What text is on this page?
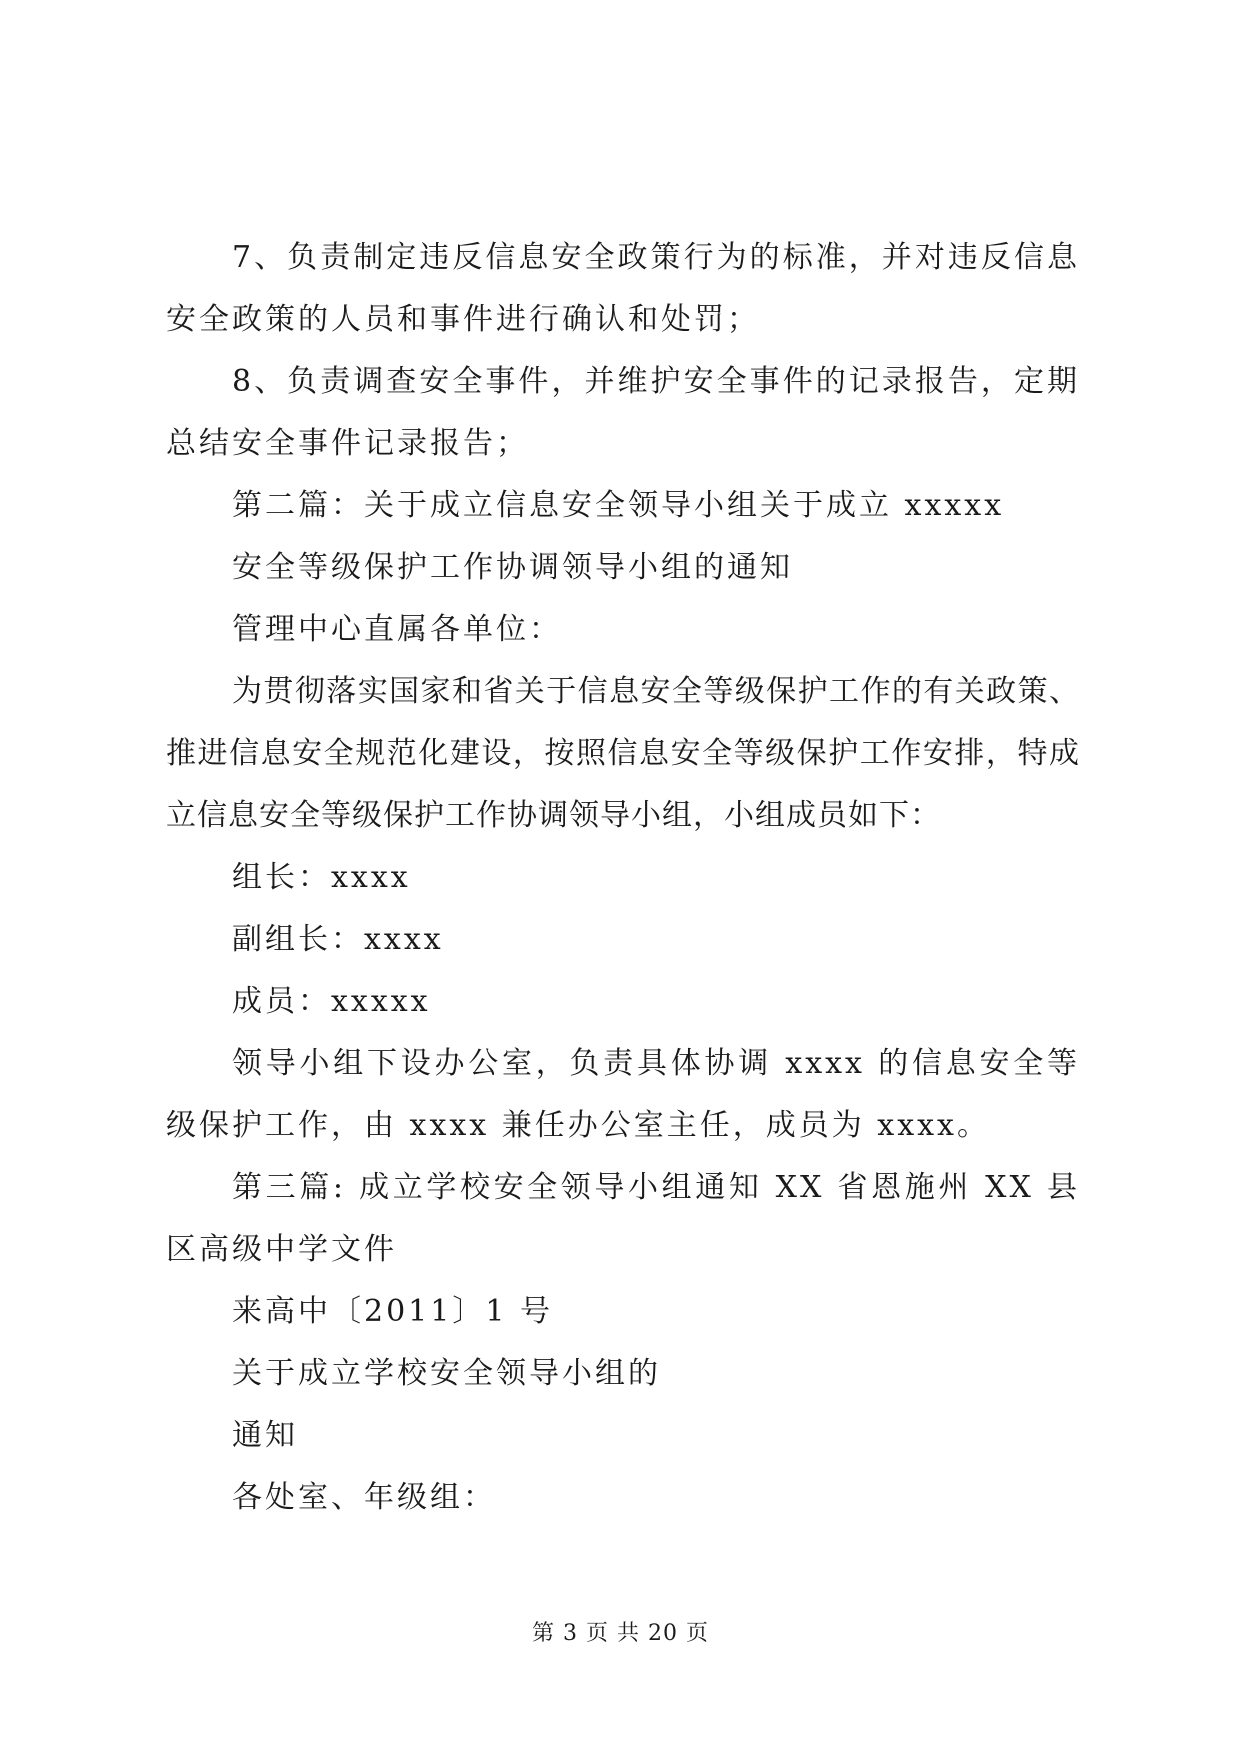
7、负责制定违反信息安全政策行为的标准，并对违反信息安全政策的人员和事件进行确认和处罚；

8、负责调查安全事件，并维护安全事件的记录报告，定期总结安全事件记录报告；

第二篇：关于成立信息安全领导小组关于成立 xxxxx

安全等级保护工作协调领导小组的通知

管理中心直属各单位：

为贯彻落实国家和省关于信息安全等级保护工作的有关政策、推进信息安全规范化建设，按照信息安全等级保护工作安排，特成立信息安全等级保护工作协调领导小组，小组成员如下：

组长：xxxx

副组长：xxxx

成员：xxxxx

领导小组下设办公室，负责具体协调 xxxx 的信息安全等级保护工作，由 xxxx 兼任办公室主任，成员为 xxxx。

第三篇: 成立学校安全领导小组通知 XX 省恩施州 XX 县区高级中学文件

来高中〔2011〕1 号

关于成立学校安全领导小组的

通知

各处室、年级组：

第 3 页 共 20 页
